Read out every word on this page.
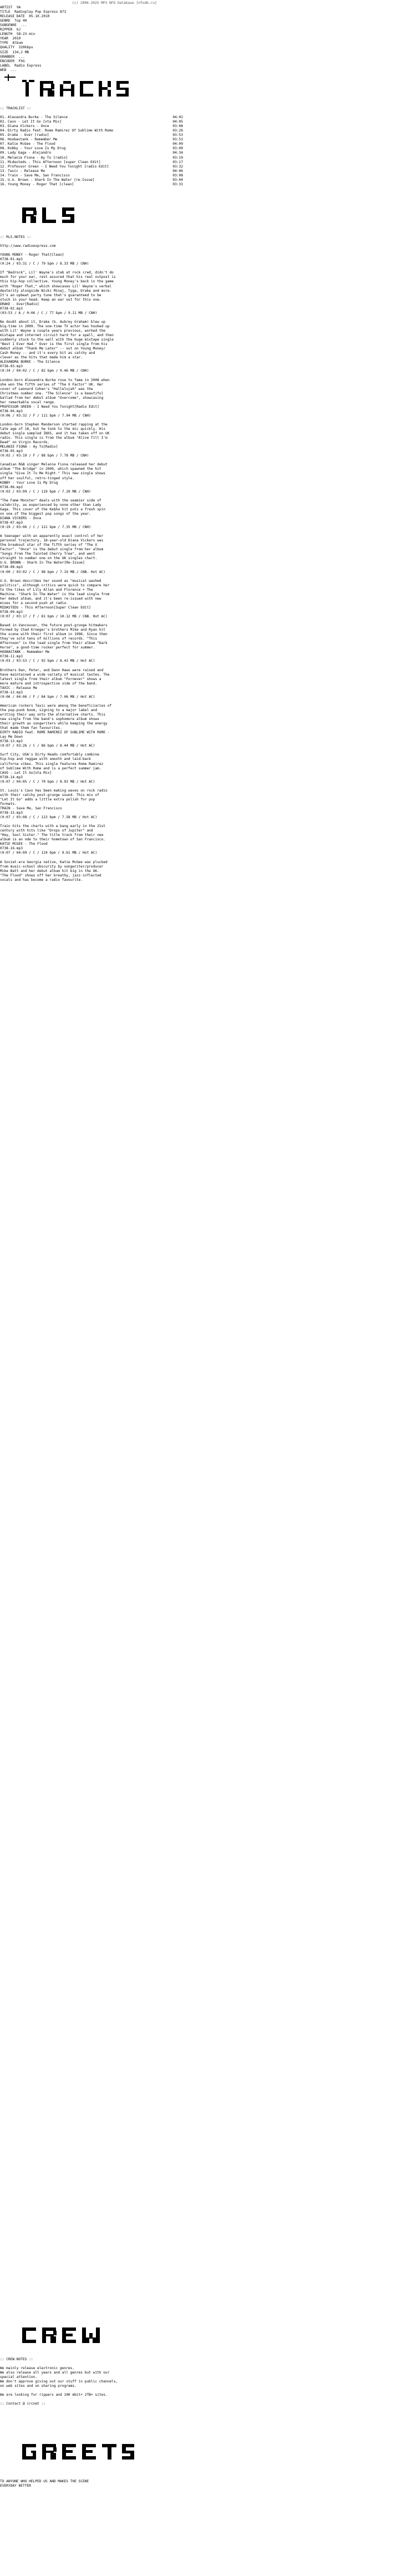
(c) 2006-2025 MP3 NFO Database [nfodb.ru]

ARTIST VA

TITLE Radioplay Pop Express 873

RELEASE DATE 05.10.2010

GENRE Top 40

SUBGENRE ...

RIPPER kJ

LENGTH 58:23 min

YEAR 2010

TYPE Album

QUALITY 320kbps

SIZE 134,2 MB

GRABBER ...

ENCODER FhG

LABEL Radio Express

WEB ...

:: TRACKLIST ::

01. Alexandra Burke - The Silence	04:02
02. Cavo - Let It Go [xta Mix]	04:05
03. Diana Vickers - Once	03:08
04. Dirty Radio feat. Rome Ramirez Of Sublime With Rome	03:26
05. Drake - Over [radio]	03:53
06. Hoobastank - Remember Me	03:53
07. Katie McGee - The Flood	04:09
08. Kobby - Your Love Is My Drug	03:09
09. Lady Gaga - Alejandro	04:34
10. Melanie Fiona - Ay To [radio]	03:19
11. Midasteds - This Afternoon [super Clean Edit]	03:17
12. Professor Green - I Need You Tonight [radio Edit]	03:32
13. Taxic - Release Me	04:06
14. Train - Save Me, San Francisco	03:08
15. U.G. Brown - Shark In The Water [re-Issue]	03:04
16. Young Money - Roger That [clean]	03:33

:: RLS.NOTES ::

http://www.radioexpress.com

YOUNG MONEY - Roger That[Clean]
0738-01.mp3
(0:24 / 03:31 / C / 79 bpm / 8.33 MB / CNH)

If "Bedrock", Lil' Wayne's stab at rock cred, didn't do
much for your ear, rest assured that his real outpost is
this hip-hop collective. Young Money's back in the game
with "Roger That," which showcases Lil' Wayne's verbal
dexterity alongside Nicki Minaj, Tyga, Drake and more.
It's an upbeat party tune that's guaranteed to be
stuck in your head. Keep an ear out for this one.
DRAKE - Over[Radio]
0738-02.mp3
(03:53 / A / 0:06 / C / 77 bpm / 9.11 MB / CNH)

No doubt about it, Drake (b. Aubrey Graham) blew up
big-time in 2009. The one-time TV actor has hooked up
with Lil' Wayne a couple years previous, worked the
mixtape and internet circuit hard for a spell, and then
suddenly stuck to the wall with the huge mixtape single
"Best I Ever Had." Over is the first single from his
debut album "Thank Me Later" -- out on Young Money/
Cash Money -- and it's every bit as catchy and
clever as the hits that made him a star.
ALEXANDRA BURKE - The Silence
0738-03.mp3
(0:34 / 04:02 / C / 82 bpm / 9.46 MB / CNH)

London-born Alexandra Burke rose to fame in 2008 when
she won the fifth series of "The X Factor" UK. Her
cover of Leonard Cohen's "Hallelujah" was the
Christmas number one. "The Silence" is a beautiful
ballad from her debut album "Overcome", showcasing
her remarkable vocal range.
PROFESSOR GREEN - I Need You Tonight[Radio Edit]
0738-04.mp3
(0:06 / 03:32 / F / 111 bpm / 7.94 MB / CNH)

London-born Stephen Manderson started rapping at the
late age of 18, but he took to the mic quickly. His
debut single sampled INXS, and it has taken off on UK
radio. This single is from the album "Alive Till I'm
Dead" on Virgin Records.
MELANIE FIONA - Ay To[Radio]
0738-05.mp3
(0:02 / 03:19 / F / 88 bpm / 7.78 MB / CNH)

Canadian R&B singer Melanie Fiona released her debut
album "The Bridge" in 2009, which spawned the hit
single "Give It To Me Right." This new single shows
off her soulful, retro-tinged style.
KOBBY - Your Love Is My Drug
0738-06.mp3
(0:03 / 03:09 / C / 119 bpm / 7.29 MB / CNH)

"The Fame Monster" deals with the seamier side of
celebrity, as experienced by none other than Lady
Gaga. This cover of the Ke$ha hit puts a fresh spin
on one of the biggest pop songs of the year.
DIANA VICKERS - Once
0738-07.mp3
(0:19 / 03:06 / C / 121 bpm / 7.35 MB / CNH)

A teenager with an apparently exact control of her
personal trajectory, 18-year-old Diana Vickers was
the breakout star of the fifth series of "The X
Factor". "Once" is the debut single from her album
"Songs From The Tainted Cherry Tree", and went
straight to number one on the UK singles chart.
U.G. BROWN - Shark In The Water[Re-Issue]
0738-08.mp3
(0:00 / 03:02 / C / 98 bpm / 7.19 MB / CNB. Hot AC)

U.G. Brown describes her sound as "musical washed
politics", although critics were quick to compare her
to the likes of Lily Allen and Florence + The
Machine. "Shark In The Water" is the lead single from
her debut album, and it's been re-issued with new
mixes for a second push at radio.
MIDASTEDS - This Afternoon[Super Clean Edit]
0738-09.mp3
(0:07 / 03:17 / F / 81 bpm / 10.12 MB / CNB. Hot AC)

Based in Vancouver, the future post-grunge hitmakers
formed by Chad Kroeger's brothers Mike and Ryan hit
the scene with their first album in 1996. Since then
they've sold tens of millions of records. "This
Afternoon" is the lead single from their album "Dark
Horse", a good-time rocker perfect for summer.
HOOBASTANK - Remember Me
0738-11.mp3
(0:03 / 03:53 / C / 92 bpm / 8.43 MB / Hot AC)

Brothers Dan, Peter, and Dann Haws were raised and
have maintained a wide variety of musical tastes. The
latest single from their album "Fornever" shows a
more mature and introspective side of the band.
TAXIC - Release Me
0738-12.mp3
(0:06 / 04:06 / F / 84 bpm / 7.06 MB / Hot AC)

American rockers Taxic were among the beneficiaries of
the pop-punk boom, signing to a major label and
writing their way onto the alternative charts. This
new single from the band's sophomore album shows
their growth as songwriters while keeping the energy
that made them fan favourites.
DIRTY RADIO feat. ROME RAMIREZ OF SUBLIME WITH ROME -
Lay Me Down
0738-13.mp3
(0:07 / 03:26 / C / 86 bpm / 8.44 MB / Hot AC)

Surf City, USA's Dirty Heads comfortably combine
hip-hop and reggae with smooth and laid-back
californa vibes. This single features Rome Ramirez
of Sublime With Rome and is a perfect summer jam.
CAVO - Let It Go[xta Mix]
0738-14.mp3
(0:07 / 04:05 / C / 70 bpm / 8.93 MB / Hot AC)

St. Louis's Cavo has been making waves on rock radio
with their catchy post-grunge sound. This mix of
"Let It Go" adds a little extra polish for pop
formats.
TRAIN - Save Me, San Francisco
0738-15.mp3
(0:07 / 03:08 / C / 123 bpm / 7.58 MB / Hot AC)

Train hits the charts with a bang early in the 21st
century with hits like "Drops of Jupiter" and
"Hey, Soul Sister." The title track from their new
album is an ode to their hometown of San Francisco.
KATIE MCGEE - The Flood
0738-16.mp3
(0:07 / 04:09 / C / 124 bpm / 9.61 MB / Hot AC)

A Soviet-era Georgia native, Katie McGee was plucked
from music-school obscurity by songwriter/producer
Mike Batt and her debut album hit big in the UK.
"The Flood" shows off her breathy, jazz-inflected
vocals and has become a radio favourite.

:: CREW.NOTES ::

We mainly release electronic genres.
We also release all years and all genres but with our
special attention.
We don't approve giving out our stuff in public channels,
on web sites and on sharing programs.

We are looking for rippers and 100 mbit+ 2TB+ sites.

:: Contact @ ircnet ::

TO ANYONE WHO HELPED US AND MAKES THE SCENE

EVERYDAY BETTER
